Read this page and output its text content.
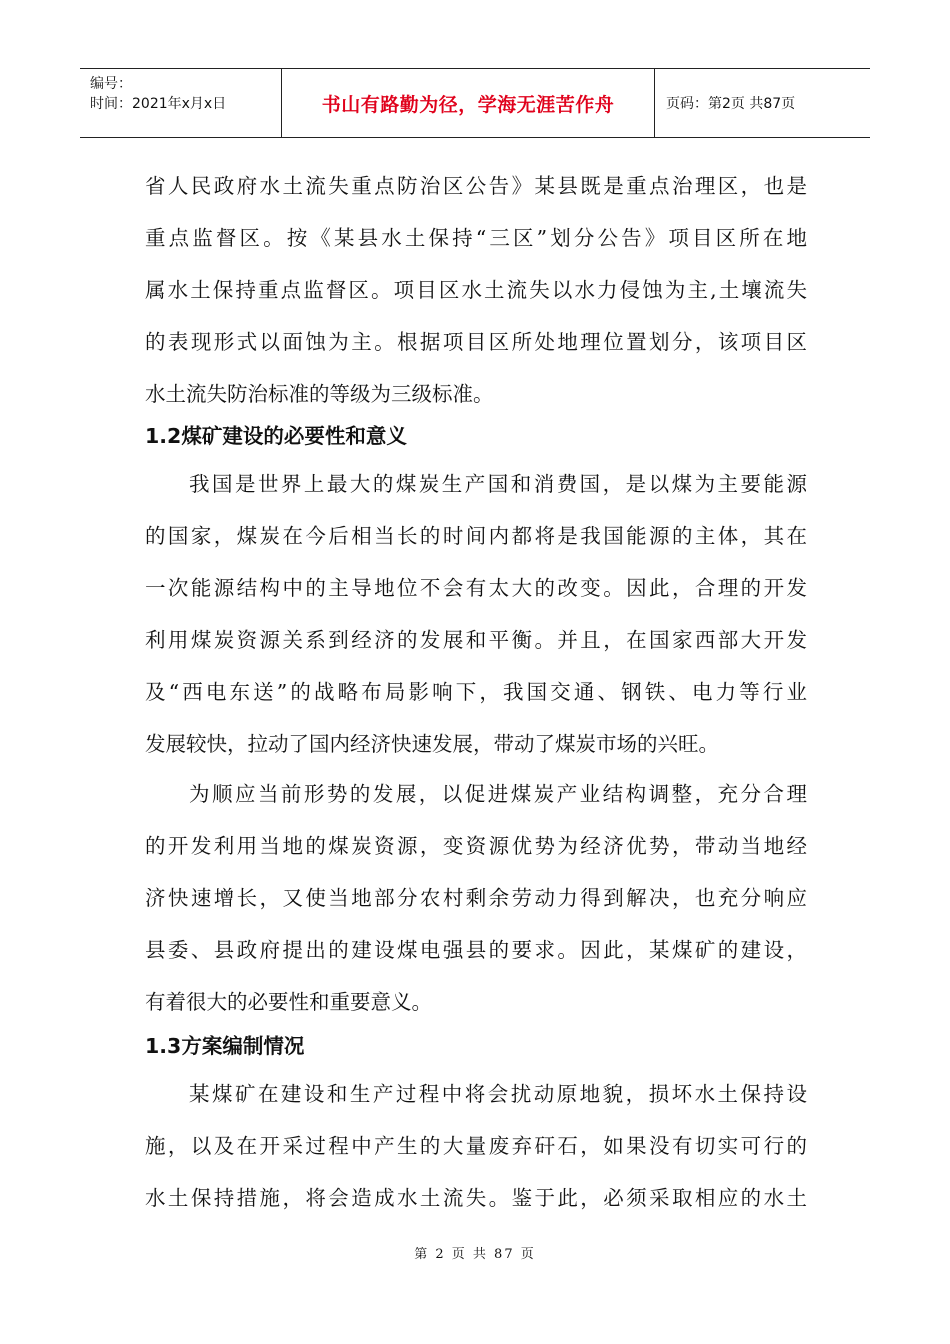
编号：
时间：2021年x月x日	书山有路勤为径，学海无涯苦作舟	页码：第2页 共87页
省人民政府水土流失重点防治区公告》某县既是重点治理区，也是
重点监督区。按《某县水土保持“三区”划分公告》项目区所在地
属水土保持重点监督区。项目区水土流失以水力侵蚀为主,土壤流失
的表现形式以面蚀为主。根据项目区所处地理位置划分，该项目区
水土流失防治标准的等级为三级标准。
1.2煤矿建设的必要性和意义
我国是世界上最大的煤炭生产国和消费国，是以煤为主要能源
的国家，煤炭在今后相当长的时间内都将是我国能源的主体，其在
一次能源结构中的主导地位不会有太大的改变。因此，合理的开发
利用煤炭资源关系到经济的发展和平衡。并且，在国家西部大开发
及“西电东送”的战略布局影响下，我国交通、钢铁、电力等行业
发展较快，拉动了国内经济快速发展，带动了煤炭市场的兴旺。
为顺应当前形势的发展，以促进煤炭产业结构调整，充分合理
的开发利用当地的煤炭资源，变资源优势为经济优势，带动当地经
济快速增长，又使当地部分农村剩余劳动力得到解决，也充分响应
县委、县政府提出的建设煤电强县的要求。因此，某煤矿的建设，
有着很大的必要性和重要意义。
1.3方案编制情况
某煤矿在建设和生产过程中将会扰动原地貌，损坏水土保持设
施，以及在开采过程中产生的大量废弃矸石，如果没有切实可行的
水土保持措施，将会造成水土流失。鉴于此，必须采取相应的水土
第 2 页 共 87 页
